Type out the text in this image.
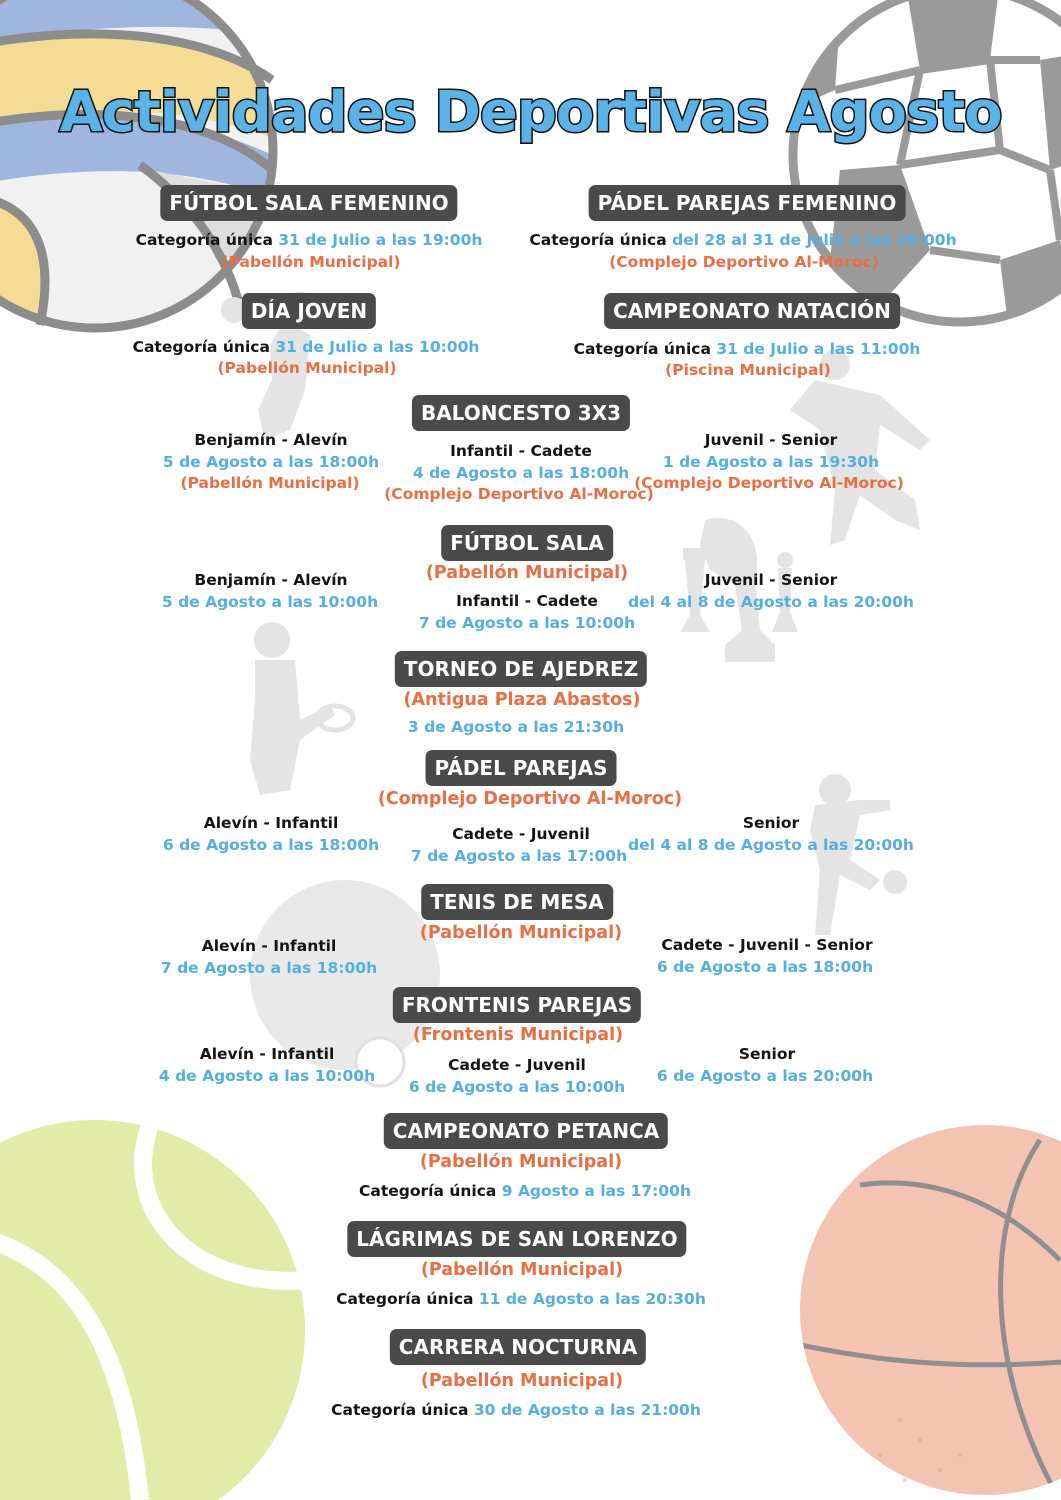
Actividades Deportivas Agosto
FÚTBOL SALA FEMENINO
Categoría única 31 de Julio a las 19:00h
(Pabellón Municipal)
PÁDEL PAREJAS FEMENINO
Categoría única del 28 al 31 de Julio a las 20:00h
(Complejo Deportivo Al-Moroc)
DÍA JOVEN
Categoría única 31 de Julio a las 10:00h
(Pabellón Municipal)
CAMPEONATO NATACIÓN
Categoría única 31 de Julio a las 11:00h
(Piscina Municipal)
BALONCESTO 3X3
Benjamín - Alevín
5 de Agosto a las 18:00h
(Pabellón Municipal)
Infantil - Cadete
4 de Agosto a las 18:00h
(Complejo Deportivo Al-Moroc)
Juvenil - Senior
1 de Agosto a las 19:30h
(Complejo Deportivo Al-Moroc)
FÚTBOL SALA
(Pabellón Municipal)
Benjamín - Alevín
5 de Agosto a las 10:00h	Infantil - Cadete
7 de Agosto a las 10:00h
Juvenil - Senior
del 4 al 8 de Agosto a las 20:00h
TORNEO DE AJEDREZ
(Antigua Plaza Abastos)
3 de Agosto a las 21:30h
PÁDEL PAREJAS
(Complejo Deportivo Al-Moroc)
Alevín - Infantil
6 de Agosto a las 18:00h
Cadete - Juvenil
7 de Agosto a las 17:00h
Senior
del 4 al 8 de Agosto a las 20:00h
TENIS DE MESA
(Pabellón Municipal)
Alevín - Infantil
7 de Agosto a las 18:00h
Cadete - Juvenil - Senior
6 de Agosto a las 18:00h
FRONTENIS PAREJAS
(Frontenis Municipal)
Alevín - Infantil
4 de Agosto a las 10:00h
Cadete - Juvenil
6 de Agosto a las 10:00h
Senior
6 de Agosto a las 20:00h
CAMPEONATO PETANCA
(Pabellón Municipal)
Categoría única 9 Agosto a las 17:00h
LÁGRIMAS DE SAN LORENZO
(Pabellón Municipal)
Categoría única 11 de Agosto a las 20:30h
CARRERA NOCTURNA
(Pabellón Municipal)
Categoría única 30 de Agosto a las 21:00h
